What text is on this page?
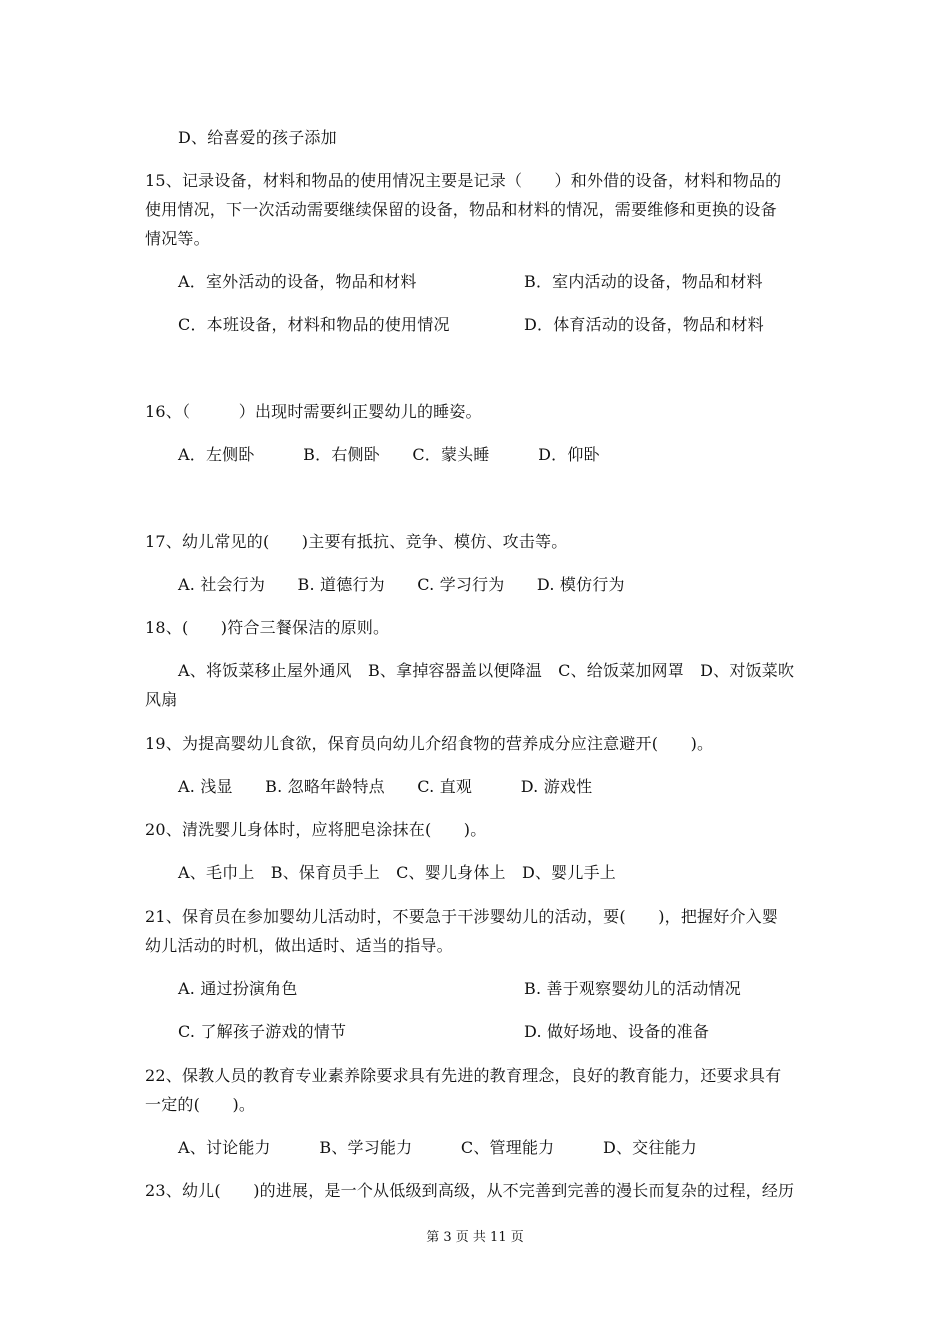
D、给喜爱的孩子添加
15、记录设备，材料和物品的使用情况主要是记录（　　）和外借的设备，材料和物品的
使用情况，下一次活动需要继续保留的设备，物品和材料的情况，需要维修和更换的设备
情况等。
A．室外活动的设备，物品和材料	B．室内活动的设备，物品和材料
C．本班设备，材料和物品的使用情况	D．体育活动的设备，物品和材料
16、（　　　）出现时需要纠正婴幼儿的睡姿。
A．左侧卧　　　B．右侧卧　　C．蒙头睡　　　D．仰卧
17、幼儿常见的(　　)主要有抵抗、竞争、模仿、攻击等。
A. 社会行为　　B. 道德行为　　C. 学习行为　　D. 模仿行为
18、(　　)符合三餐保洁的原则。
A、将饭菜移止屋外通风　B、拿掉容器盖以便降温　C、给饭菜加网罩　D、对饭菜吹
风扇
19、为提高婴幼儿食欲，保育员向幼儿介绍食物的营养成分应注意避开(　　)。
A. 浅显　　B. 忽略年龄特点　　C. 直观　　　D. 游戏性
20、清洗婴儿身体时，应将肥皂涂抹在(　　)。
A、毛巾上　B、保育员手上　C、婴儿身体上　D、婴儿手上
21、保育员在参加婴幼儿活动时，不要急于干涉婴幼儿的活动，要(　　)，把握好介入婴
幼儿活动的时机，做出适时、适当的指导。
A. 通过扮演角色	B. 善于观察婴幼儿的活动情况
C. 了解孩子游戏的情节	D. 做好场地、设备的准备
22、保教人员的教育专业素养除要求具有先进的教育理念，良好的教育能力，还要求具有
一定的(　　)。
A、讨论能力　　　B、学习能力　　　C、管理能力　　　D、交往能力
23、幼儿(　　)的进展，是一个从低级到高级，从不完善到完善的漫长而复杂的过程，经历
第 3 页 共 11 页
